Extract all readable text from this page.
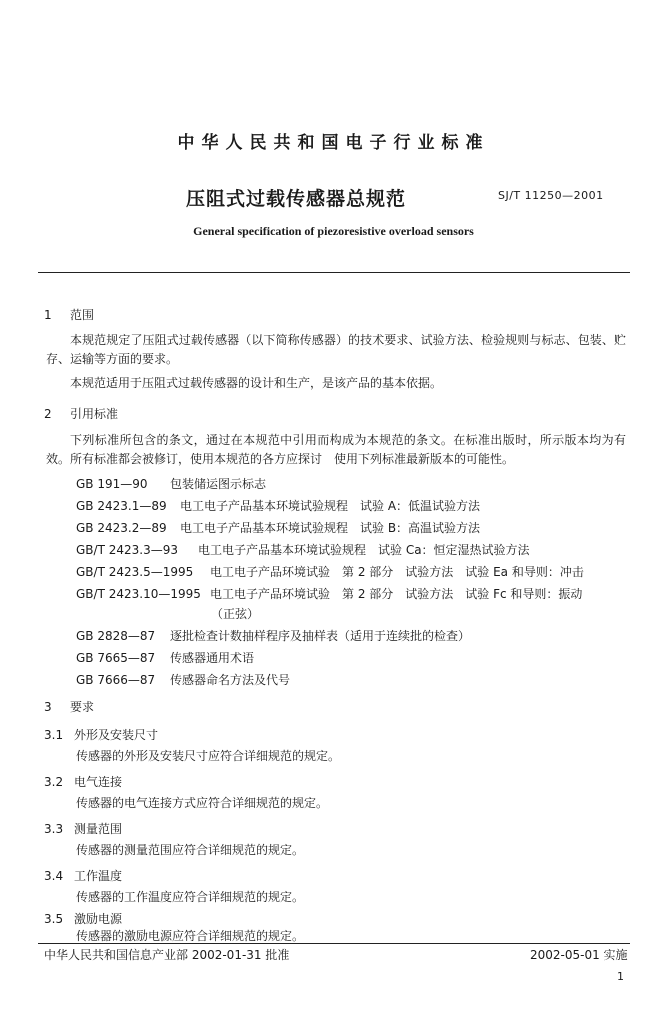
中华人民共和国电子行业标准
压阻式过载传感器总规范	SJ/T 11250—2001
General specification of piezoresistive overload sensors
1 范围
本规范规定了压阻式过载传感器（以下简称传感器）的技术要求、试验方法、检验规则与标志、包装、贮存、运输等方面的要求。
本规范适用于压阻式过载传感器的设计和生产，是该产品的基本依据。
2 引用标准
下列标准所包含的条文，通过在本规范中引用而构成为本规范的条文。在标准出版时，所示版本均为有效。所有标准都会被修订，使用本规范的各方应探讨　使用下列标准最新版本的可能性。
GB 191—90 包装储运图示标志
GB 2423.1—89 电工电子产品基本环境试验规程　试验 A：低温试验方法
GB 2423.2—89 电工电子产品基本环境试验规程　试验 B：高温试验方法
GB/T 2423.3—93 电工电子产品基本环境试验规程　试验 Ca：恒定湿热试验方法
GB/T 2423.5—1995 电工电子产品环境试验　第 2 部分　试验方法　试验 Ea 和导则：冲击
GB/T 2423.10—1995 电工电子产品环境试验　第 2 部分　试验方法　试验 Fc 和导则：振动
（正弦）
GB 2828—87 逐批检查计数抽样程序及抽样表（适用于连续批的检查）
GB 7665—87 传感器通用术语
GB 7666—87 传感器命名方法及代号
3 要求
3.1 外形及安装尺寸
传感器的外形及安装尺寸应符合详细规范的规定。
3.2 电气连接
传感器的电气连接方式应符合详细规范的规定。
3.3 测量范围
传感器的测量范围应符合详细规范的规定。
3.4 工作温度
传感器的工作温度应符合详细规范的规定。
3.5 激励电源
传感器的激励电源应符合详细规范的规定。
中华人民共和国信息产业部 2002-01-31 批准	2002-05-01 实施
1
